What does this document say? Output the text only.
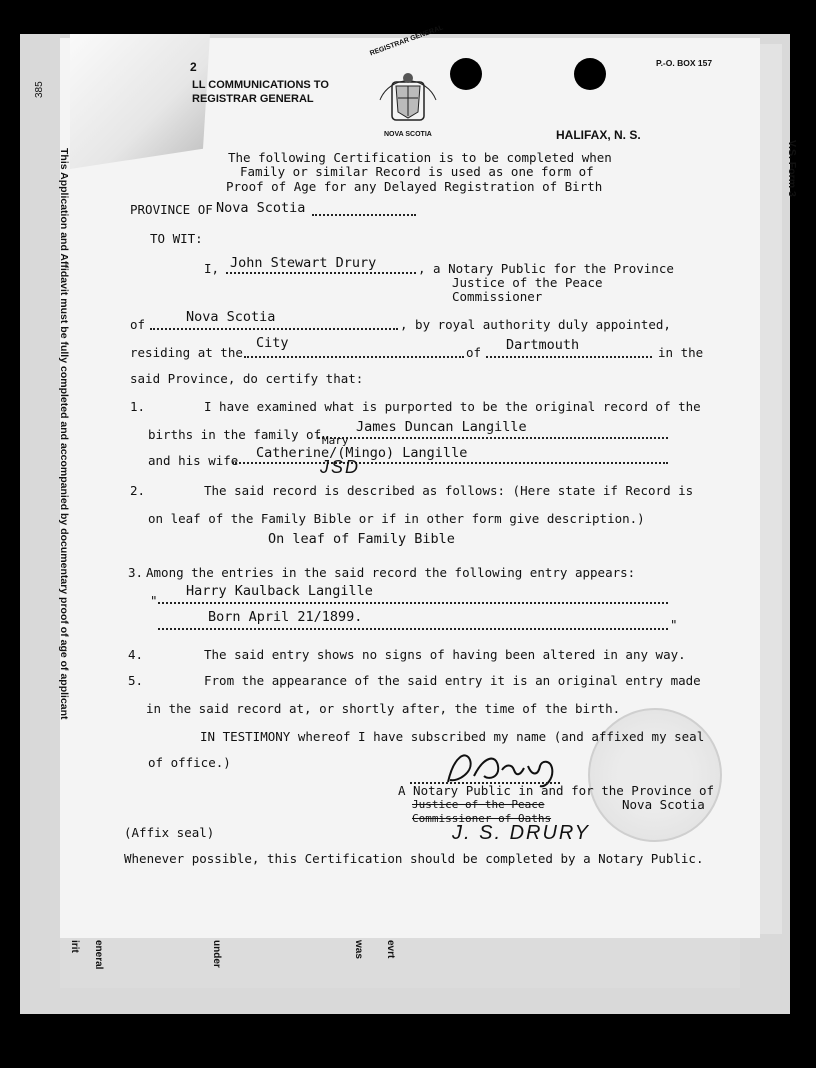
This Application and Affidavit must be fully completed and accompanied by documentary proof of age of applicant	V.S. Form 3
385
2
LL COMMUNICATIONS TO
REGISTRAR GENERAL
P.-O. BOX 157
HALIFAX, N. S.
REGISTRAR GENERAL
NOVA SCOTIA
The following Certification is to be completed when
Family or similar Record is used as one form of
Proof of Age for any Delayed Registration of Birth
PROVINCE OF Nova Scotia
TO WIT:
I, John Stewart Drury	, a Notary Public for the Province
Justice of the Peace
Commissioner
of	Nova Scotia	, by royal authority duly appointed,
residing at the
City
of Dartmouth	in the
said Province, do certify that:
1.	I have examined what is purported to be the original record of the
births in the family of	James Duncan Langille
Mary
and his wife Catherine/(Mingo) Langille
JSD
2.	The said record is described as follows: (Here state if Record is
on leaf of the Family Bible or if in other form give description.)
On leaf of Family Bible
3. Among the entries in the said record the following entry appears:
"
Harry Kaulback Langille
Born April 21/1899.	"
4.	The said entry shows no signs of having been altered in any way.
5.	From the appearance of the said entry it is an original entry made
in the said record at, or shortly after, the time of the birth.
IN TESTIMONY whereof I have subscribed my name (and affixed my seal
of office.)
A Notary Public in and for the Province of
Nova Scotia
Justice of the Peace
Commissioner of Oaths
J. S. DRURY
(Affix seal)
Whenever possible, this Certification should be completed by a Notary Public.
irit eneral	under	was evrt
